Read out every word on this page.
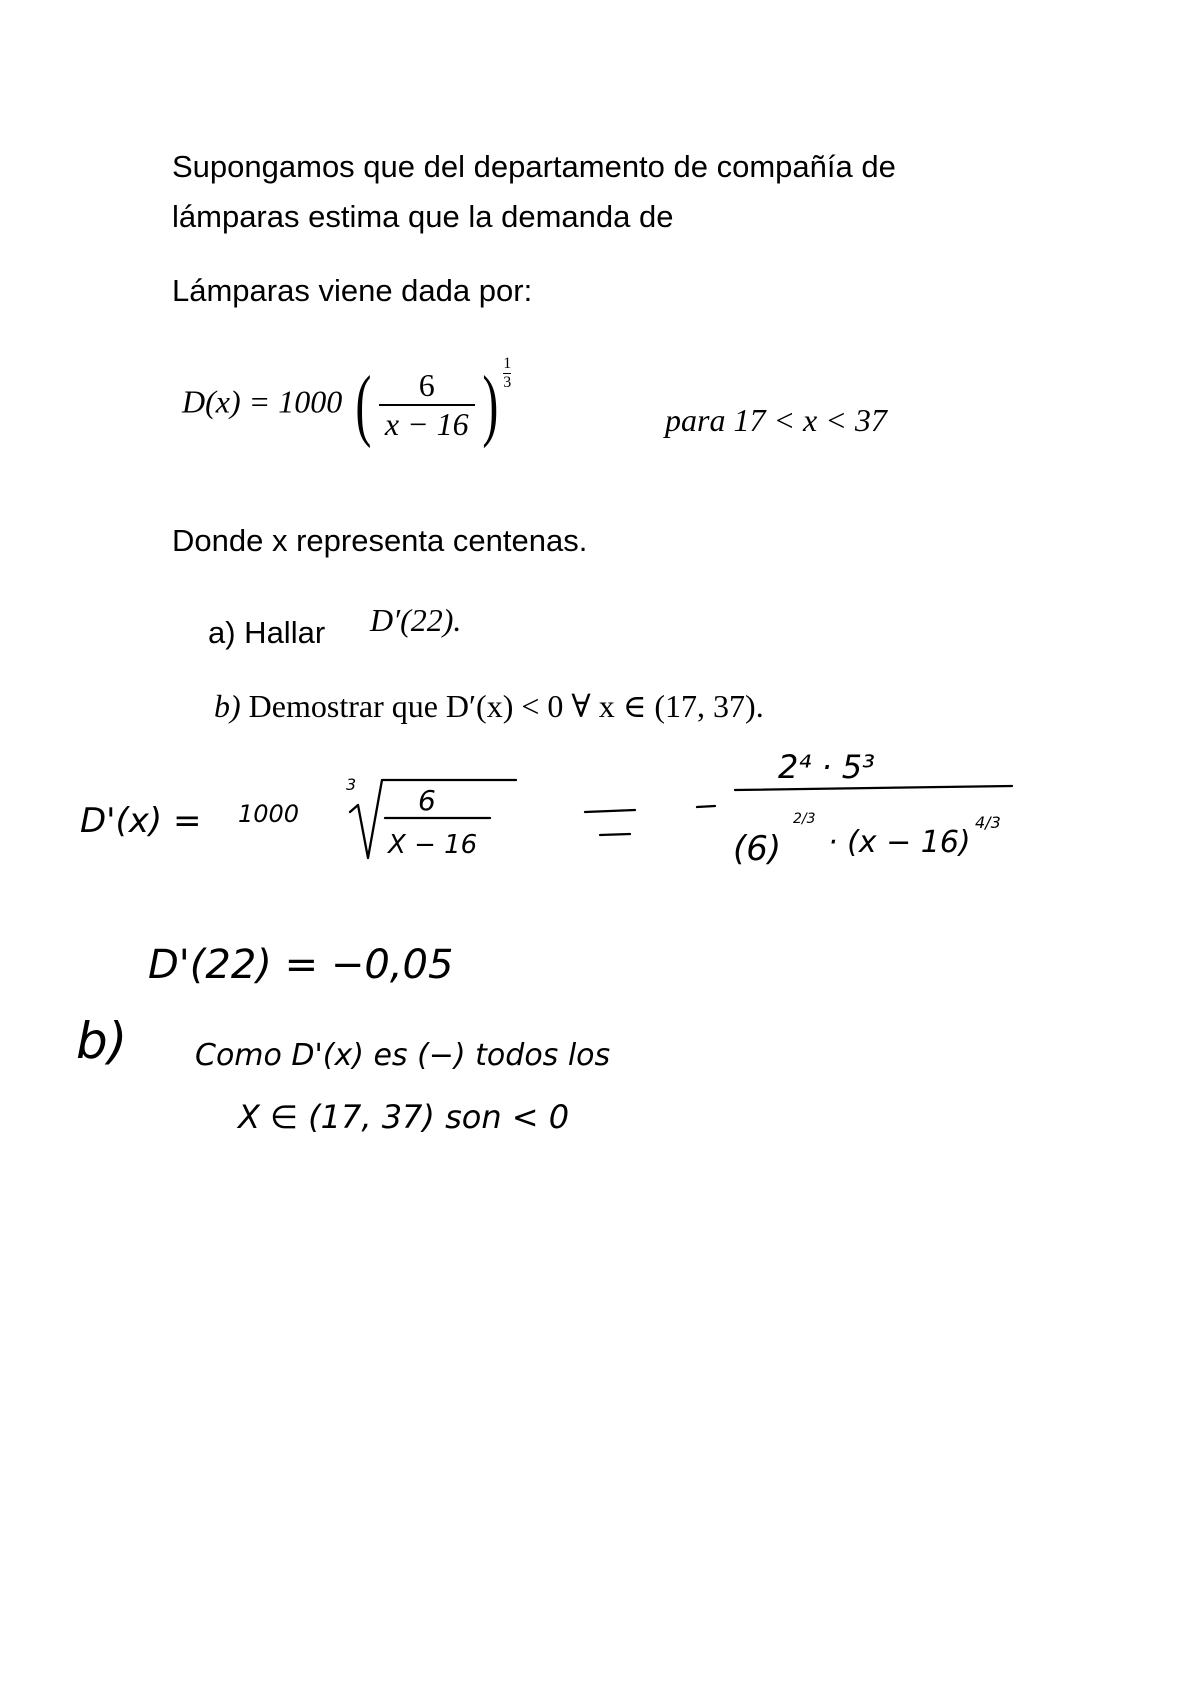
Supongamos que del departamento de compañía de
lámparas estima que la demanda de
Lámparas viene dada por:
D(x) = 1000 ( $\frac{6}{x - 16}$ ) $\frac{1}{3}$
para 17 < x < 37
Donde x representa centenas.
a) Hallar D′(22).
b) Demostrar que D′(x) < 0 ∀ x ∈ (17, 37).
D'(x) = 1000
3 6
X − 16
2⁴ · 5³
(6)
2/3
· (x − 16)
4/3
D'(22) = −0,05
b) Como D'(x) es (−) todos los
X ∈ (17, 37) son < 0
